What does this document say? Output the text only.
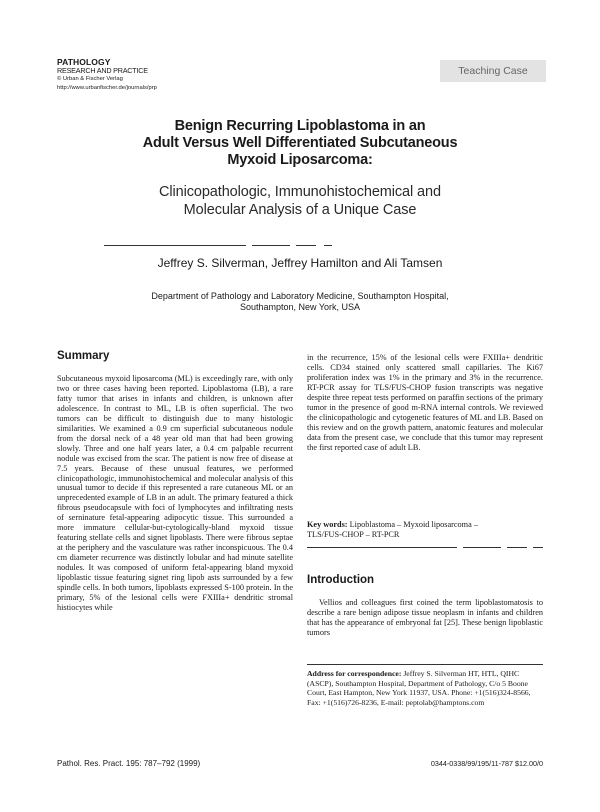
PATHOLOGY
RESEARCH AND PRACTICE
© Urban & Fischer Verlag
http://www.urbanfischer.de/journals/prp
Teaching Case
Benign Recurring Lipoblastoma in an
Adult Versus Well Differentiated Subcutaneous
Myxoid Liposarcoma:
Clinicopathologic, Immunohistochemical and
Molecular Analysis of a Unique Case
Jeffrey S. Silverman, Jeffrey Hamilton and Ali Tamsen
Department of Pathology and Laboratory Medicine, Southampton Hospital,
Southampton, New York, USA
Summary
Subcutaneous myxoid liposarcoma (ML) is exceedingly rare, with only two or three cases having been reported. Lipoblastoma (LB), a rare fatty tumor that arises in infants and children, is unknown after adolescence. In contrast to ML, LB is often superficial. The two tumors can be difficult to distinguish due to many histologic similarities. We examined a 0.9 cm superficial subcutaneous nodule from the dorsal neck of a 48 year old man that had been growing slowly. Three and one half years later, a 0.4 cm palpable recurrent nodule was excised from the scar. The patient is now free of disease at 7.5 years. Because of these unusual features, we performed clinicopathologic, immunohistochemical and molecular analysis of this unusual tumor to decide if this represented a rare cutaneous ML or an unprecedented example of LB in an adult. The primary featured a thick fibrous pseudocapsule with foci of lymphocytes and infiltrating nests of serninature fetal-appearing adipocytic tissue. This surrounded a more immature cellular-but-cytologically-bland myxoid tissue featuring stellate cells and signet lipoblasts. There were fibrous septae at the periphery and the vasculature was rather inconspicuous. The 0.4 cm diameter recurrence was distinctly lobular and had minute satellite nodules. It was composed of uniform fetal-appearing bland myxoid lipoblastic tissue featuring signet ring lipob asts surrounded by a few spindle cells. In both tumors, lipoblasts expressed S-100 protein. In the primary, 5% of the lesional cells were FXIIIa+ dendritic stromal histiocytes while
in the recurrence, 15% of the lesional cells were FXIIIa+ dendritic cells. CD34 stained only scattered small capillaries. The Ki67 proliferation index was 1% in the primary and 3% in the recurrence. RT-PCR assay for TLS/FUS-CHOP fusion transcripts was negative despite three repeat tests performed on paraffin sections of the primary tumor in the presence of good m-RNA internal controls. We reviewed the clinicopathologic and cytogenetic features of ML and LB. Based on this review and on the growth pattern, anatomic features and molecular data from the present case, we conclude that this tumor may represent the first reported case of adult LB.
Key words: Lipoblastoma – Myxoid liposarcoma –
TLS/FUS-CHOP – RT-PCR
Introduction
Vellios and colleagues first coined the term lipoblastomatosis to describe a rare benign adipose tissue neoplasm in infants and children that has the appearance of embryonal fat [25]. These benign lipoblastic tumors
Address for correspondence: Jeffrey S. Silverman HT, HTL, QIHC (ASCP), Southampton Hospital, Department of Pathology, C/o 5 Boone Court, East Hampton, New York 11937, USA. Phone: +1(516)324-8566, Fax: +1(516)726-8236, E-mail: peptolab@hamptons.com
Pathol. Res. Pract. 195: 787–792 (1999)	0344-0338/99/195/11-787 $12.00/0
